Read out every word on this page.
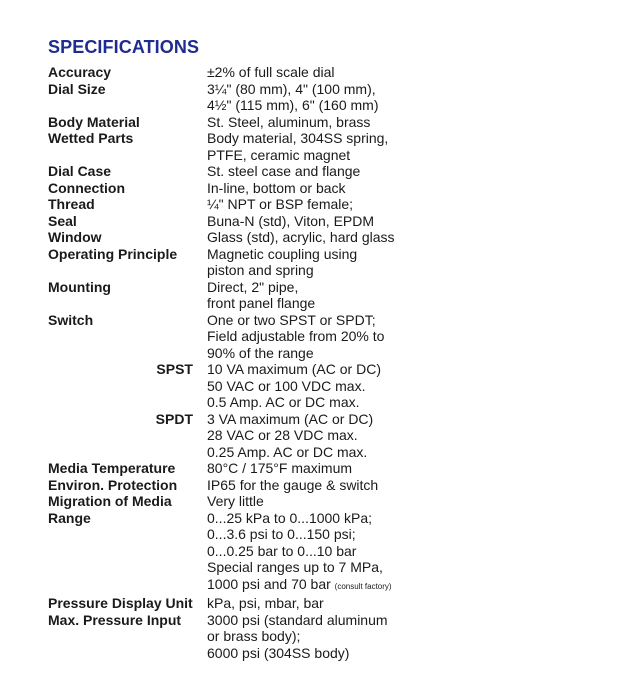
SPECIFICATIONS
Accuracy	±2% of full scale dial

Dial Size	3¼" (80 mm), 4" (100 mm),
4½" (115 mm), 6" (160 mm)

Body Material	St. Steel, aluminum, brass

Wetted Parts	Body material, 304SS spring,
PTFE, ceramic magnet

Dial Case	St. steel case and flange

Connection	In-line, bottom or back

Thread	¼" NPT or BSP female;

Seal	Buna-N (std), Viton, EPDM

Window	Glass (std), acrylic, hard glass

Operating Principle	Magnetic coupling using
piston and spring

Mounting	Direct, 2" pipe,
front panel flange

Switch	One or two SPST or SPDT;
Field adjustable from 20% to
90% of the range

SPST	10 VA maximum (AC or DC)
50 VAC or 100 VDC max.
0.5 Amp. AC or DC max.

SPDT	3 VA maximum (AC or DC)
28 VAC or 28 VDC max.
0.25 Amp. AC or DC max.

Media Temperature	80°C / 175°F maximum

Environ. Protection	IP65 for the gauge & switch

Migration of Media	Very little

Range	0...25 kPa to 0...1000 kPa;
0...3.6 psi to 0...150 psi;
0...0.25 bar to 0...10 bar
Special ranges up to 7 MPa,
1000 psi and 70 bar (consult factory)

Pressure Display Unit	kPa, psi, mbar, bar

Max. Pressure Input	3000 psi (standard aluminum
or brass body);
6000 psi (304SS body)
